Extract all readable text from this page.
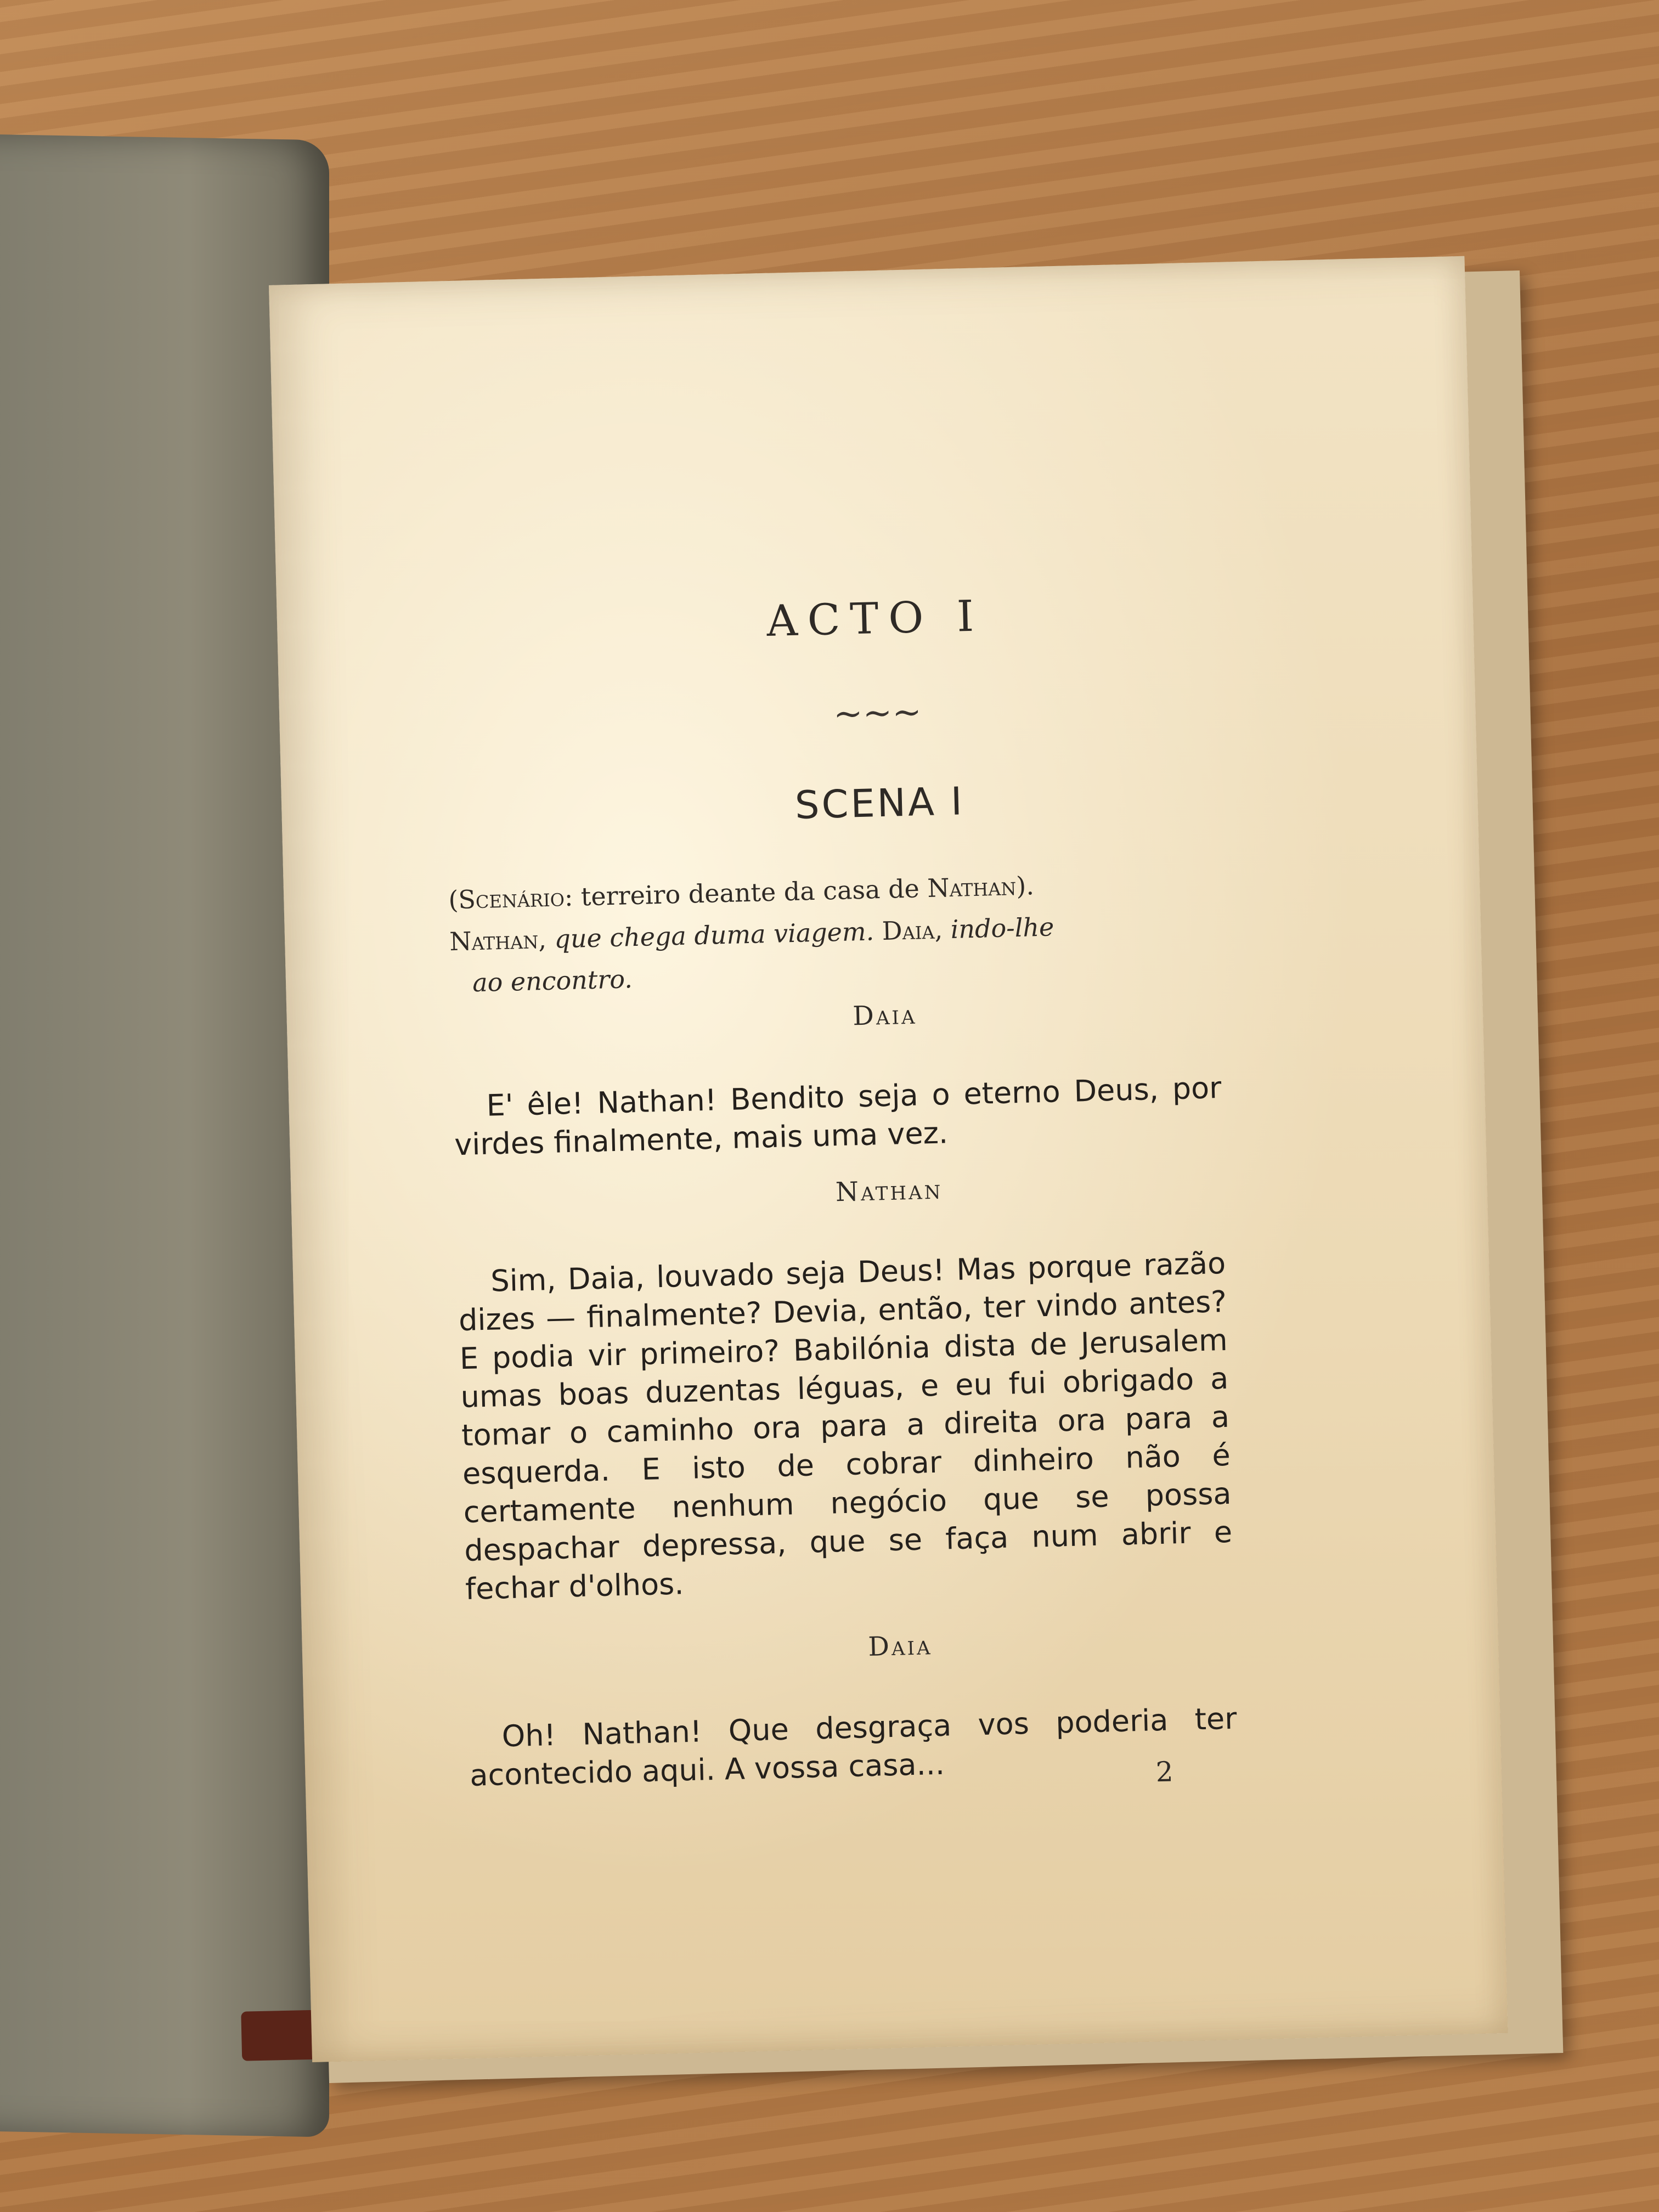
ACTO I
~~~
SCENA I
(Scenário: terreiro deante da casa de Nathan).
Nathan, que chega duma viagem. Daia, indo-lhe

ao encontro.
Daia
E' êle! Nathan! Bendito seja o eterno Deus, por virdes finalmente, mais uma vez.
Nathan
Sim, Daia, louvado seja Deus! Mas porque razão dizes — finalmente? Devia, então, ter vindo antes? E podia vir primeiro? Babilónia dista de Jerusalem umas boas duzentas léguas, e eu fui obrigado a tomar o caminho ora para a direita ora para a esquerda. E isto de cobrar dinheiro não é certamente nenhum negócio que se possa despachar depressa, que se faça num abrir e fechar d'olhos.
Daia
Oh! Nathan! Que desgraça vos poderia ter acontecido aqui. A vossa casa...	2
